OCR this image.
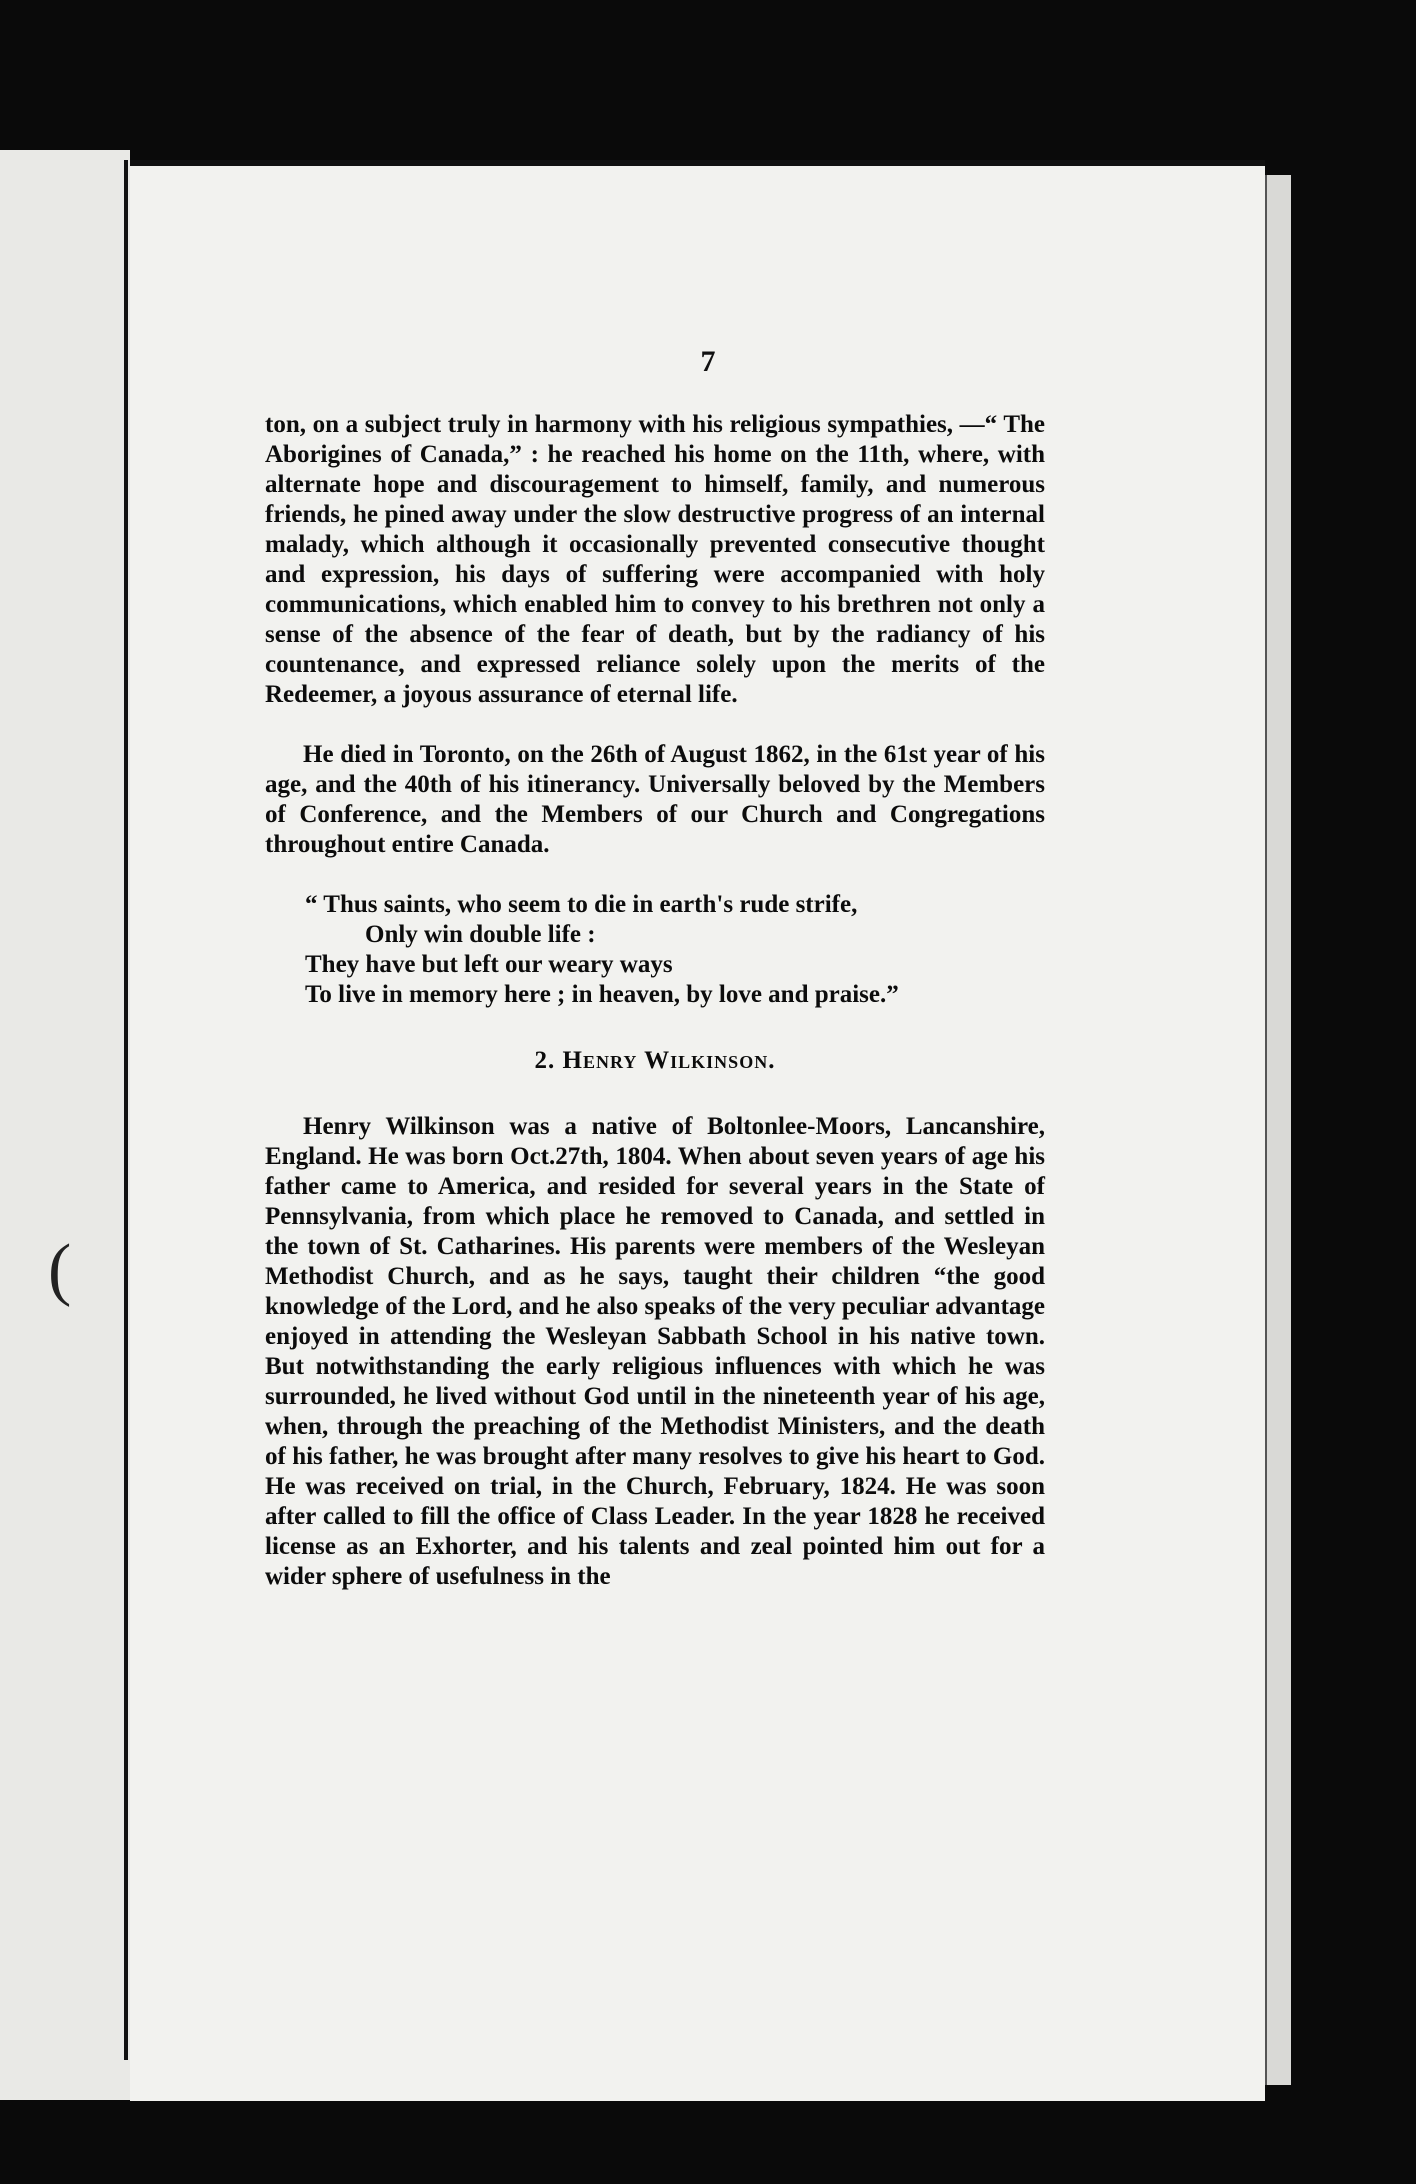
7
(

ton, on a subject truly in harmony with his religious sympathies, —“ The Aborigines of Canada,” : he reached his home on the 11th, where, with alternate hope and discouragement to himself, family, and numerous friends, he pined away under the slow destructive progress of an internal malady, which although it occasionally prevented consecutive thought and expression, his days of suffering were accompanied with holy communications, which enabled him to convey to his brethren not only a sense of the absence of the fear of death, but by the radiancy of his countenance, and expressed reliance solely upon the merits of the Redeemer, a joyous assurance of eternal life.

He died in Toronto, on the 26th of August 1862, in the 61st year of his age, and the 40th of his itinerancy. Universally beloved by the Members of Conference, and the Members of our Church and Congregations throughout entire Canada.

“ Thus saints, who seem to die in earth's rude strife,
Only win double life :
They have but left our weary ways
To live in memory here ; in heaven, by love and praise.”
2. Henry Wilkinson.

Henry Wilkinson was a native of Boltonlee-Moors, Lancanshire, England. He was born Oct.27th, 1804. When about seven years of age his father came to America, and resided for several years in the State of Pennsylvania, from which place he removed to Canada, and settled in the town of St. Catharines. His parents were members of the Wesleyan Methodist Church, and as he says, taught their children “the good knowledge of the Lord, and he also speaks of the very peculiar advantage enjoyed in attending the Wesleyan Sabbath School in his native town. But notwithstanding the early religious influences with which he was surrounded, he lived without God until in the nineteenth year of his age, when, through the preaching of the Methodist Ministers, and the death of his father, he was brought after many resolves to give his heart to God. He was received on trial, in the Church, February, 1824. He was soon after called to fill the office of Class Leader. In the year 1828 he received license as an Exhorter, and his talents and zeal pointed him out for a wider sphere of usefulness in the
